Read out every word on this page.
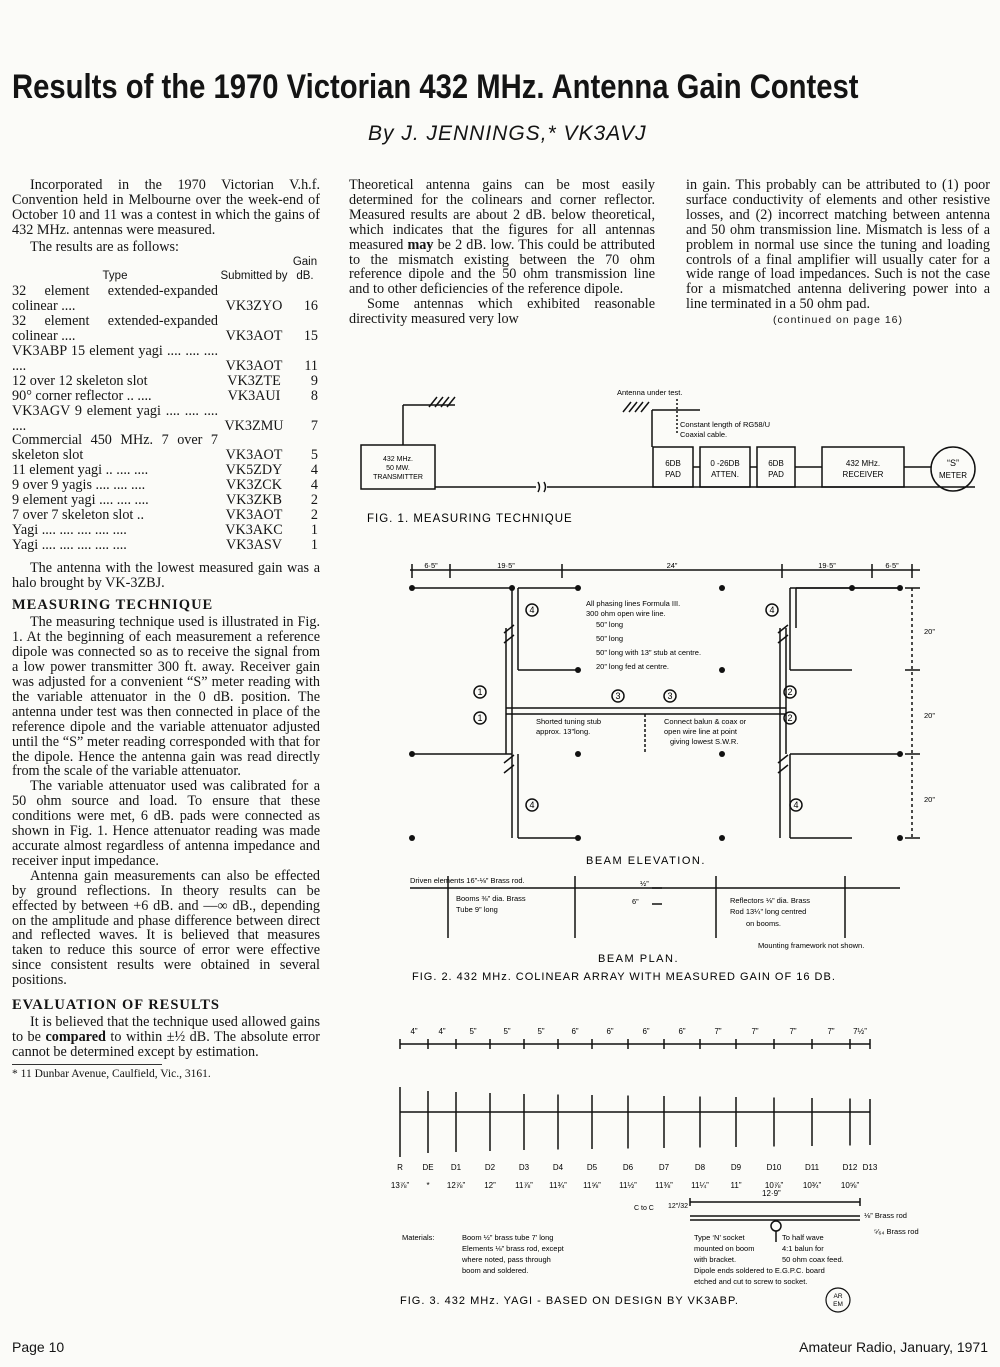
Results of the 1970 Victorian 432 MHz. Antenna Gain Contest
By J. JENNINGS,* VK3AVJ

Incorporated in the 1970 Victorian V.h.f. Convention held in Melbourne over the week-end of October 10 and 11 was a contest in which the gains of 432 MHz. antennas were measured.

The results are as follows:

Type	Submitted by	Gain dB.
32 element extended-expanded colinear ....	VK3ZYO	16
32 element extended-expanded colinear ....	VK3AOT	15
VK3ABP 15 element yagi .... .... .... ....	VK3AOT	11
12 over 12 skeleton slot	VK3ZTE	9
90° corner reflector .. ....	VK3AUI	8
VK3AGV 9 element yagi .... .... .... ....	VK3ZMU	7
Commercial 450 MHz. 7 over 7 skeleton slot	VK3AOT	5
11 element yagi .. .... ....	VK5ZDY	4
9 over 9 yagis .... .... ....	VK3ZCK	4
9 element yagi .... .... ....	VK3ZKB	2
7 over 7 skeleton slot ..	VK3AOT	2
Yagi .... .... .... .... ....	VK3AKC	1
Yagi .... .... .... .... ....	VK3ASV	1

The antenna with the lowest measured gain was a halo brought by VK-3ZBJ.

MEASURING TECHNIQUE

The measuring technique used is illustrated in Fig. 1. At the beginning of each measurement a reference dipole was connected so as to receive the signal from a low power transmitter 300 ft. away. Receiver gain was adjusted for a convenient “S” meter reading with the variable attenuator in the 0 dB. position. The antenna under test was then connected in place of the reference dipole and the variable attenuator adjusted until the “S” meter reading corresponded with that for the dipole. Hence the antenna gain was read directly from the scale of the variable attenuator.

The variable attenuator used was calibrated for a 50 ohm source and load. To ensure that these conditions were met, 6 dB. pads were connected as shown in Fig. 1. Hence attenuator reading was made accurate almost regardless of antenna impedance and receiver input impedance.

Antenna gain measurements can also be effected by ground reflections. In theory results can be effected by between +6 dB. and —∞ dB., depending on the amplitude and phase difference between direct and reflected waves. It is believed that measures taken to reduce this source of error were effective since consistent results were obtained in several positions.

EVALUATION OF RESULTS

It is believed that the technique used allowed gains to be compared to within ±½ dB. The absolute error cannot be determined except by estimation.

* 11 Dunbar Avenue, Caulfield, Vic., 3161.

Theoretical antenna gains can be most easily determined for the colinears and corner reflector. Measured results are about 2 dB. below theoretical, which indicates that the figures for all antennas measured may be 2 dB. low. This could be attributed to the mismatch existing between the 70 ohm reference dipole and the 50 ohm transmission line and to other deficiencies of the reference dipole.

Some antennas which exhibited reasonable directivity measured very low

in gain. This probably can be attributed to (1) poor surface conductivity of elements and other resistive losses, and (2) incorrect matching between antenna and 50 ohm transmission line. Mismatch is less of a problem in normal use since the tuning and loading controls of a final amplifier will usually cater for a wide range of load impedances. Such is not the case for a mismatched antenna delivering power into a line terminated in a 50 ohm pad.

(continued on page 16)
Antenna under test.
Constant length of RG58/U
Coaxial cable.
432 MHz.
50 MW.
TRANSMITTER
6DB
PAD
0 -26DB
ATTEN.
6DB
PAD
432 MHz.
RECEIVER
“S”
METER
FIG. 1. MEASURING TECHNIQUE
6·5”	19·5”	24”	19·5”	6·5”
20”
20”
20”
All phasing lines Formula III.
300 ohm open wire line.
50” long
50” long
50” long with 13” stub at centre.
20” long fed at centre.
Shorted tuning stub
approx. 13”long.
Connect balun & coax or
open wire line at point
giving lowest S.W.R.
Driven elements 16”-⅛” Brass rod.
Booms ⅜” dia. Brass
Tube 9” long
½”
6”	Reflectors ⅛” dia. Brass
Rod 13¼” long centred
on booms.
Mounting framework not shown.
4	4
1
1
2
2
3	3
4	4
BEAM ELEVATION.
BEAM PLAN.
FIG. 2. 432 MHz. COLINEAR ARRAY WITH MEASURED GAIN OF 16 DB.
R
13⅞”
4”
DE
*
4”
D1
12⅞”
5”
D2
12”
5”
D3
11⅞”
5”
D4
11¾”
6”
D5
11⅝”
6”
D6
11½”
6”
D7
11⅜”
6”
D8
11¼”
7”
D9
11”
7”
D10
10⅞”
7”
D11
10¾”
7”
D12
10⅝”
7½”
D13
C to C 12″/32
12·9”
⅛” Brass rod
⁵⁄₆₄ Brass rod
Materials:	Boom ½” brass tube 7’ long
Elements ⅛” brass rod, except
where noted, pass through
boom and soldered.
Type ‘N’ socket
mounted on boom
with bracket.
To half wave
4:1 balun for
50 ohm coax feed.
Dipole ends soldered to E.G.P.C. board
etched and cut to screw to socket.
FIG. 3. 432 MHz. YAGI - BASED ON DESIGN BY VK3ABP.	AR
EM
Page 10	Amateur Radio, January, 1971
